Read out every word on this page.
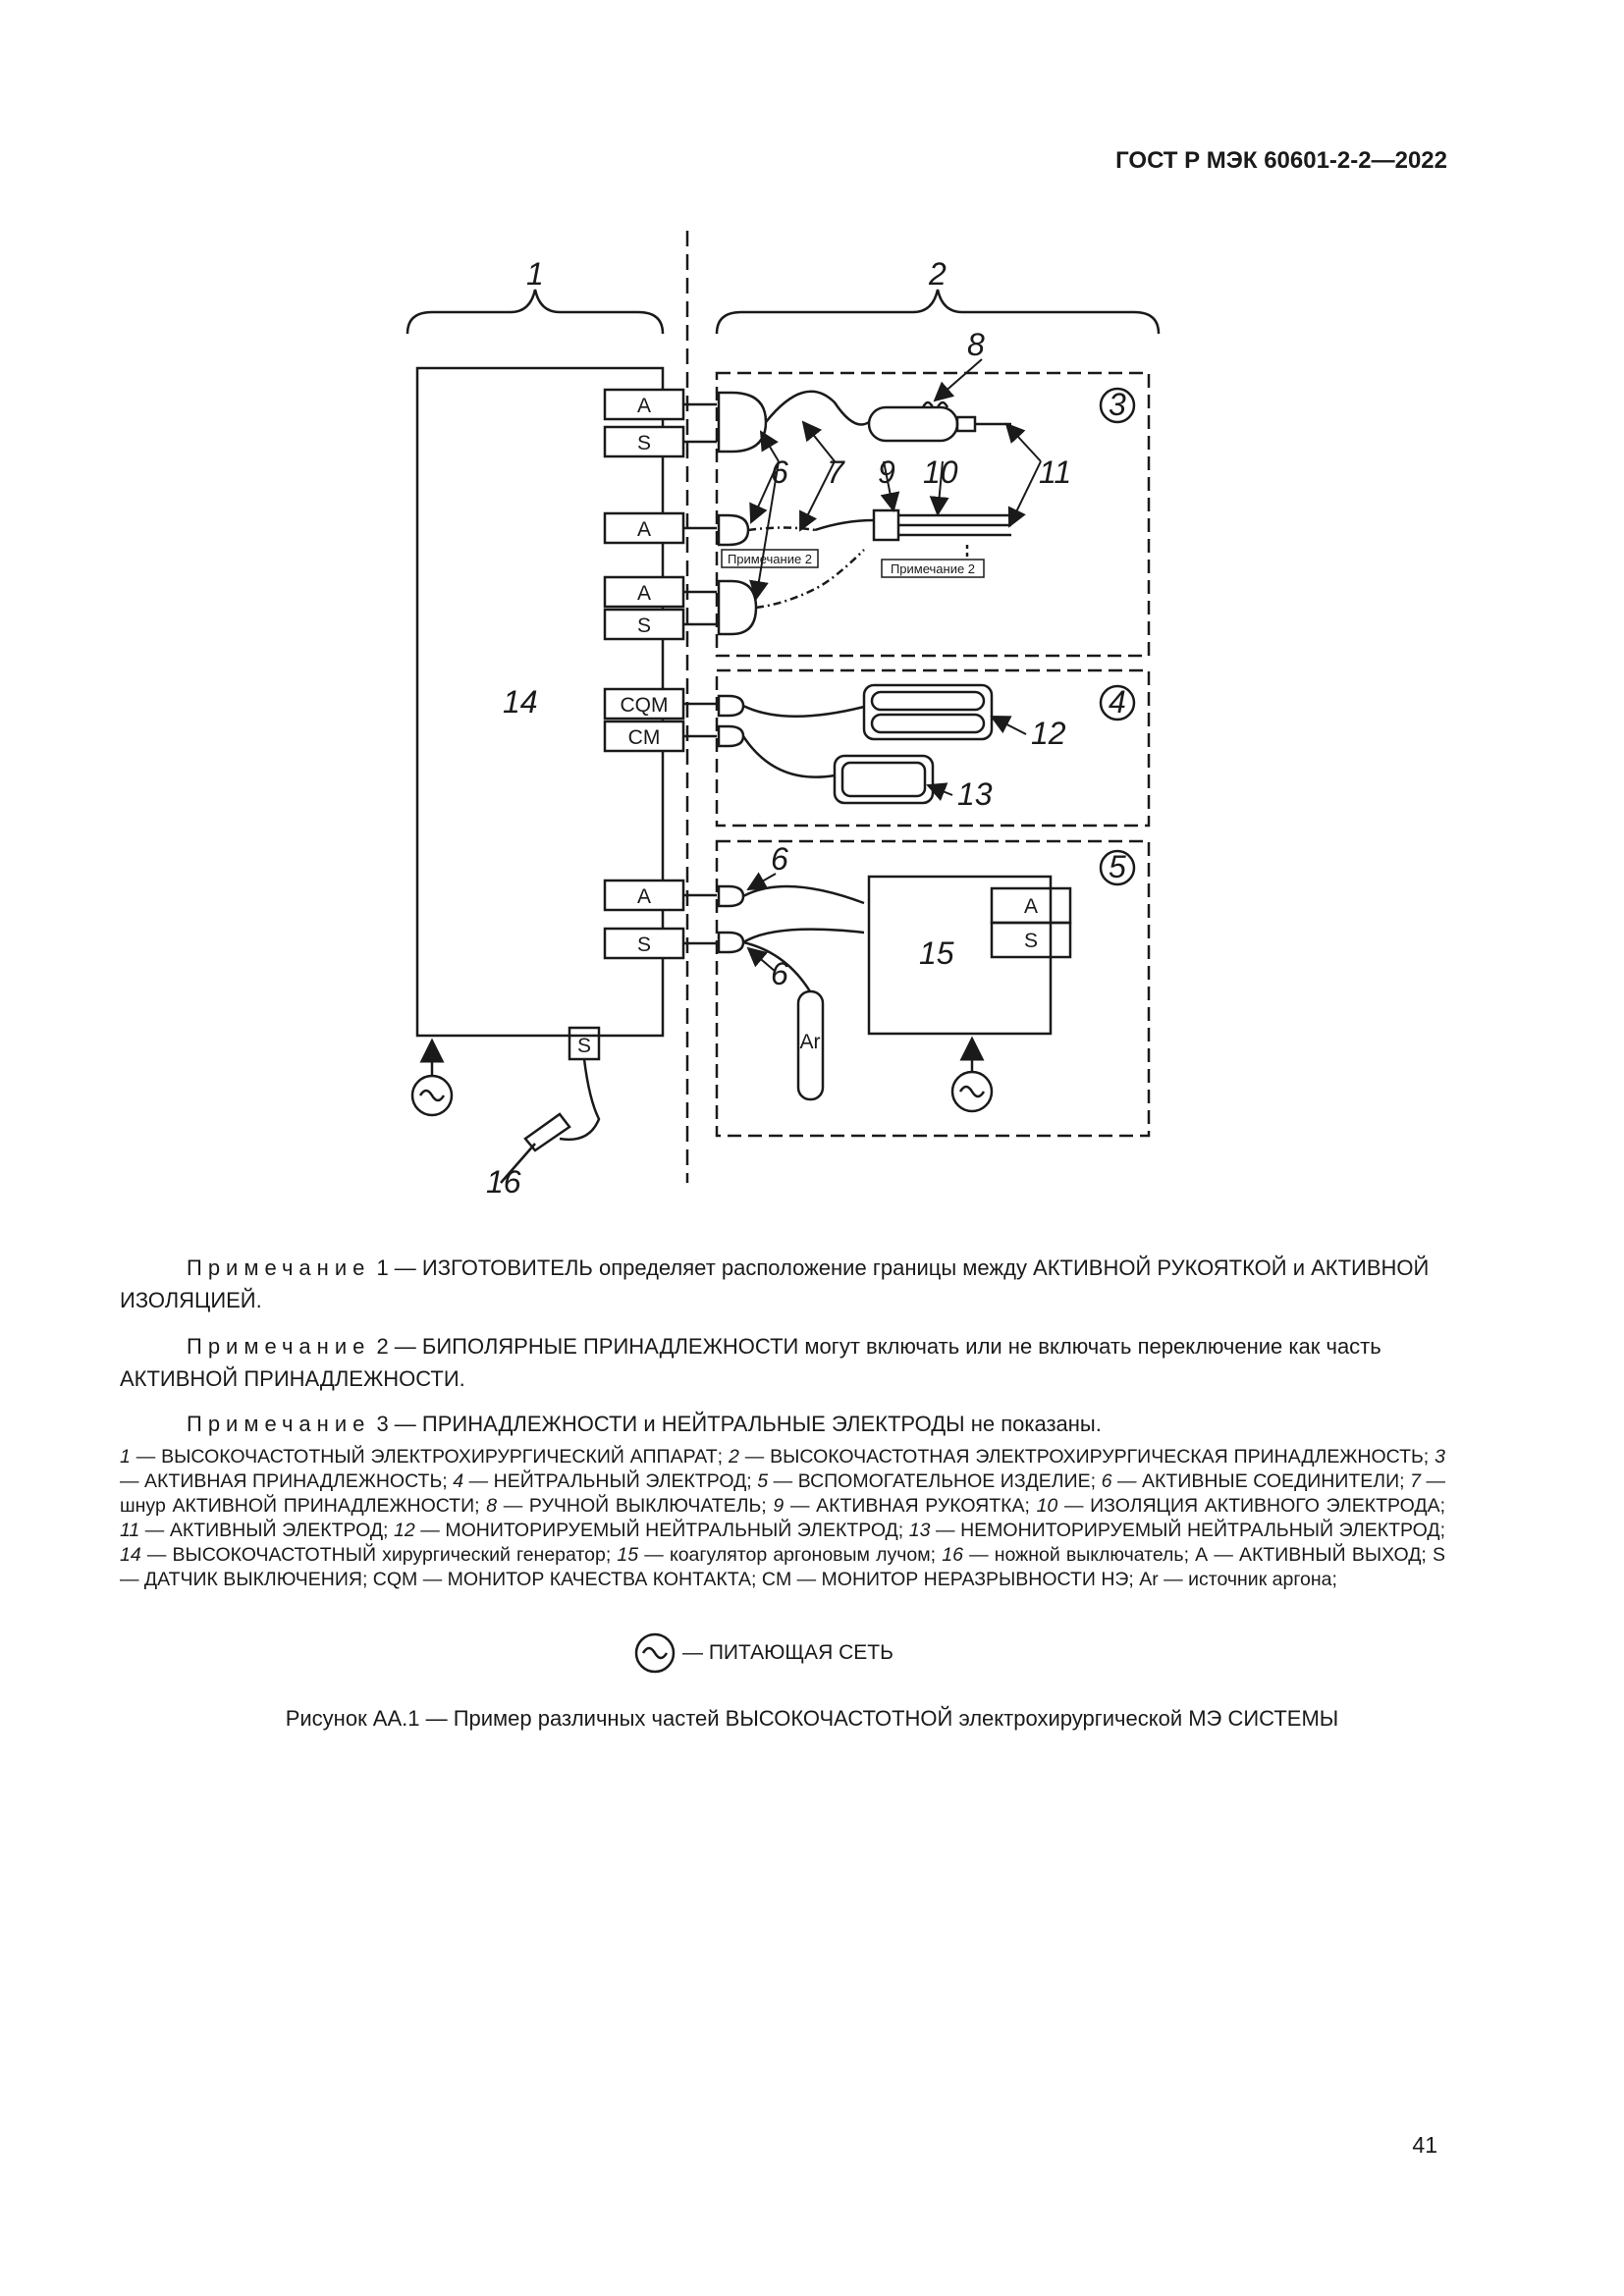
ГОСТ Р МЭК 60601-2-2—2022
A
S
A
A
S
CQM
CM
A
S
A
S
S	Ar
Примечание 2
Примечание 2
1	2
3
4
5
6 7
8
9 10	11
12
13
14
15
16
6
6
Примечание 1 — ИЗГОТОВИТЕЛЬ определяет расположение границы между АКТИВНОЙ РУКОЯТКОЙ и АКТИВНОЙ ИЗОЛЯЦИЕЙ.
Примечание 2 — БИПОЛЯРНЫЕ ПРИНАДЛЕЖНОСТИ могут включать или не включать переключение как часть АКТИВНОЙ ПРИНАДЛЕЖНОСТИ.
Примечание 3 — ПРИНАДЛЕЖНОСТИ и НЕЙТРАЛЬНЫЕ ЭЛЕКТРОДЫ не показаны.
1 — ВЫСОКОЧАСТОТНЫЙ ЭЛЕКТРОХИРУРГИЧЕСКИЙ АППАРАТ; 2 — ВЫСОКОЧАСТОТНАЯ ЭЛЕКТРОХИРУРГИЧЕСКАЯ ПРИНАДЛЕЖНОСТЬ; 3 — АКТИВНАЯ ПРИНАДЛЕЖНОСТЬ; 4 — НЕЙТРАЛЬНЫЙ ЭЛЕКТРОД; 5 — ВСПОМОГАТЕЛЬНОЕ ИЗДЕЛИЕ; 6 — АКТИВНЫЕ СОЕДИНИТЕЛИ; 7 — шнур АКТИВНОЙ ПРИНАДЛЕЖНОСТИ; 8 — РУЧНОЙ ВЫКЛЮЧАТЕЛЬ; 9 — АКТИВНАЯ РУКОЯТКА; 10 — ИЗОЛЯЦИЯ АКТИВНОГО ЭЛЕКТРОДА; 11 — АКТИВНЫЙ ЭЛЕКТРОД; 12 — МОНИТОРИРУЕМЫЙ НЕЙТРАЛЬНЫЙ ЭЛЕКТРОД; 13 — НЕМОНИТОРИРУЕМЫЙ НЕЙТРАЛЬНЫЙ ЭЛЕКТРОД; 14 — ВЫСОКОЧАСТОТНЫЙ хирургический генератор; 15 — коагулятор аргоновым лучом; 16 — ножной выключатель; А — АКТИВНЫЙ ВЫХОД; S — ДАТЧИК ВЫКЛЮЧЕНИЯ; CQM — МОНИТОР КАЧЕСТВА КОНТАКТА; CM — МОНИТОР НЕРАЗРЫВНОСТИ НЭ; Ar — источник аргона;
— ПИТАЮЩАЯ СЕТЬ
Рисунок АА.1 — Пример различных частей ВЫСОКОЧАСТОТНОЙ электрохирургической МЭ СИСТЕМЫ
41
